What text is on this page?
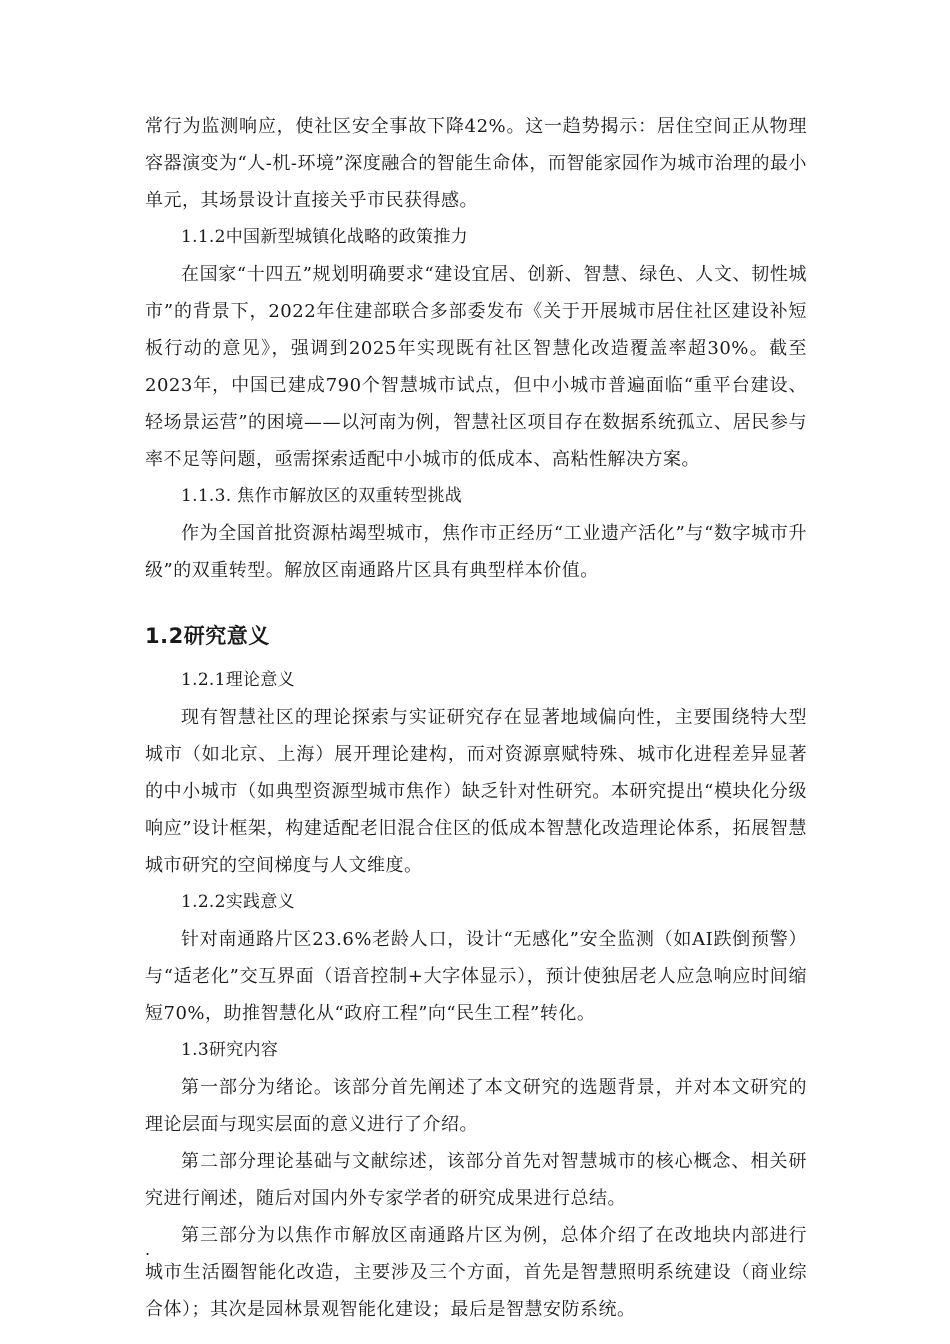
常行为监测响应，使社区安全事故下降42%。这一趋势揭示：居住空间正从物理容器演变为“人-机-环境”深度融合的智能生命体，而智能家园作为城市治理的最小单元，其场景设计直接关乎市民获得感。

1.1.2中国新型城镇化战略的政策推力

在国家“十四五”规划明确要求“建设宜居、创新、智慧、绿色、人文、韧性城市”的背景下，2022年住建部联合多部委发布《关于开展城市居住社区建设补短板行动的意见》，强调到2025年实现既有社区智慧化改造覆盖率超30%。截至2023年，中国已建成790个智慧城市试点，但中小城市普遍面临“重平台建设、轻场景运营”的困境——以河南为例，智慧社区项目存在数据系统孤立、居民参与率不足等问题，亟需探索适配中小城市的低成本、高粘性解决方案。

1.1.3. 焦作市解放区的双重转型挑战

作为全国首批资源枯竭型城市，焦作市正经历“工业遗产活化”与“数字城市升级”的双重转型。解放区南通路片区具有典型样本价值。

1.2研究意义
1.2.1理论意义

现有智慧社区的理论探索与实证研究存在显著地域偏向性，主要围绕特大型城市（如北京、上海）展开理论建构，而对资源禀赋特殊、城市化进程差异显著的中小城市（如典型资源型城市焦作）缺乏针对性研究。本研究提出“模块化分级响应”设计框架，构建适配老旧混合住区的低成本智慧化改造理论体系，拓展智慧城市研究的空间梯度与人文维度。

1.2.2实践意义

针对南通路片区23.6%老龄人口，设计“无感化”安全监测（如AI跌倒预警）与“适老化”交互界面（语音控制+大字体显示），预计使独居老人应急响应时间缩短70%，助推智慧化从“政府工程”向“民生工程”转化。

1.3研究内容

第一部分为绪论。该部分首先阐述了本文研究的选题背景，并对本文研究的理论层面与现实层面的意义进行了介绍。

第二部分理论基础与文献综述，该部分首先对智慧城市的核心概念、相关研究进行阐述，随后对国内外专家学者的研究成果进行总结。

第三部分为以焦作市解放区南通路片区为例，总体介绍了在改地块内部进行城市生活圈智能化改造，主要涉及三个方面，首先是智慧照明系统建设（商业综合体）；其次是园林景观智能化建设；最后是智慧安防系统。

.
